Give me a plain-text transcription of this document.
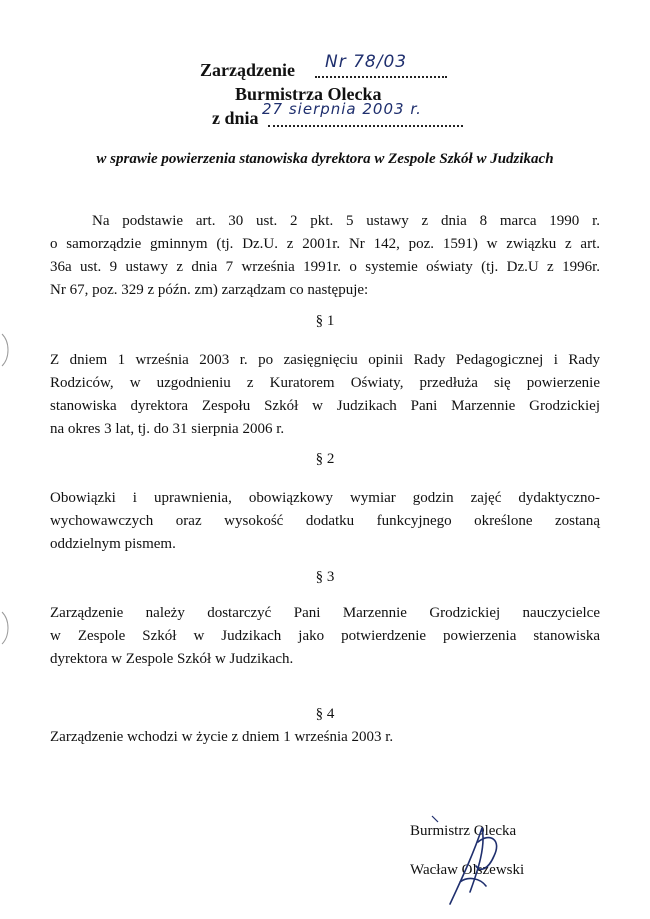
Zarządzenie Nr 78/03
Burmistrza Olecka
z dnia 27 sierpnia 2003 r.
w sprawie powierzenia stanowiska dyrektora w Zespole Szkół w Judzikach
Na podstawie art. 30 ust. 2 pkt. 5 ustawy z dnia 8 marca 1990 r.
o samorządzie gminnym (tj. Dz.U. z 2001r. Nr 142, poz. 1591) w związku z art.
36a ust. 9 ustawy z dnia 7 września 1991r. o systemie oświaty (tj. Dz.U z 1996r.
Nr 67, poz. 329 z późn. zm) zarządzam co następuje:
§ 1
Z dniem 1 września 2003 r. po zasięgnięciu opinii Rady Pedagogicznej i Rady
Rodziców, w uzgodnieniu z Kuratorem Oświaty, przedłuża się powierzenie
stanowiska dyrektora Zespołu Szkół w Judzikach Pani Marzennie Grodzickiej
na okres 3 lat, tj. do 31 sierpnia 2006 r.
§ 2
Obowiązki i uprawnienia, obowiązkowy wymiar godzin zajęć dydaktyczno-
wychowawczych oraz wysokość dodatku funkcyjnego określone zostaną
oddzielnym pismem.
§ 3
Zarządzenie należy dostarczyć Pani Marzennie Grodzickiej nauczycielce
w Zespole Szkół w Judzikach jako potwierdzenie powierzenia stanowiska
dyrektora w Zespole Szkół w Judzikach.
§ 4
Zarządzenie wchodzi w życie z dniem 1 września 2003 r.
Burmistrz Olecka
Wacław Olszewski
